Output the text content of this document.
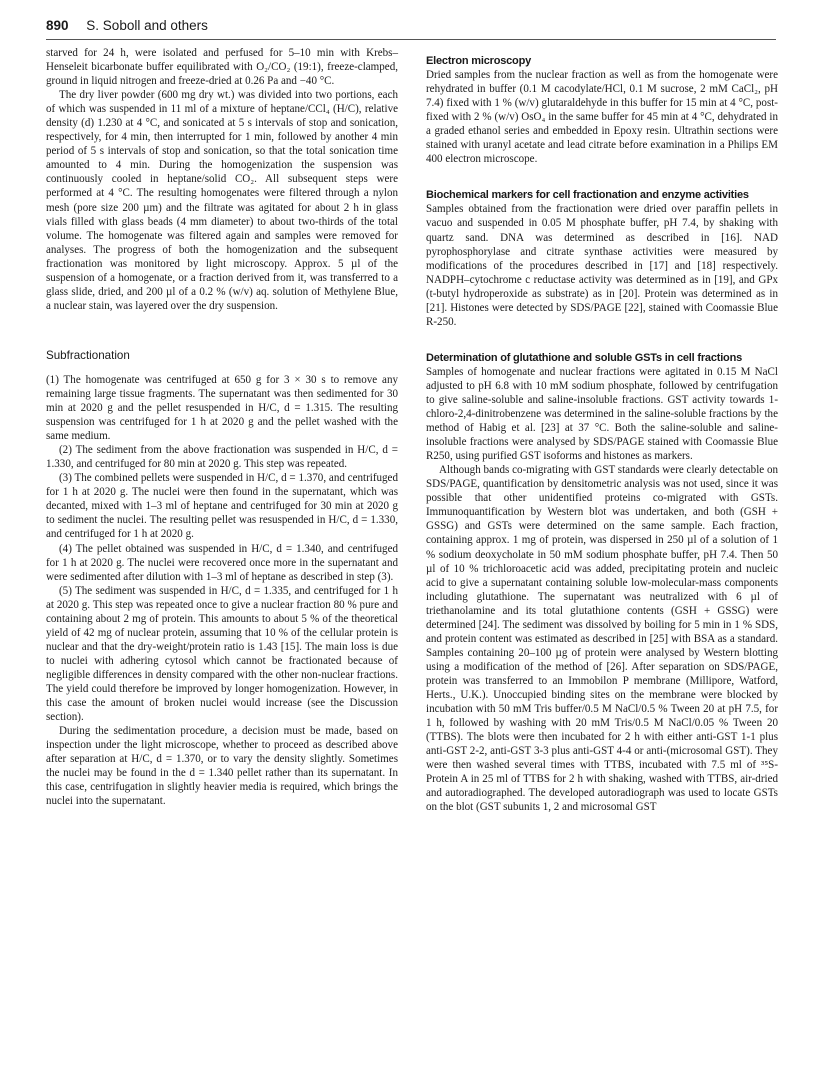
890 S. Soboll and others

starved for 24 h, were isolated and perfused for 5–10 min with Krebs–Henseleit bicarbonate buffer equilibrated with O₂/CO₂ (19:1), freeze-clamped, ground in liquid nitrogen and freeze-dried at 0.26 Pa and −40 °C.

The dry liver powder (600 mg dry wt.) was divided into two portions, each of which was suspended in 11 ml of a mixture of heptane/CCl₄ (H/C), relative density (d) 1.230 at 4 °C, and sonicated at 5 s intervals of stop and sonication, respectively, for 4 min, then interrupted for 1 min, followed by another 4 min period of 5 s intervals of stop and sonication, so that the total sonication time amounted to 4 min. During the homogenization the suspension was continuously cooled in heptane/solid CO₂. All subsequent steps were performed at 4 °C. The resulting homogenates were filtered through a nylon mesh (pore size 200 µm) and the filtrate was agitated for about 2 h in glass vials filled with glass beads (4 mm diameter) to about two-thirds of the total volume. The homogenate was filtered again and samples were removed for analyses. The progress of both the homogenization and the subsequent fractionation was monitored by light microscopy. Approx. 5 µl of the suspension of a homogenate, or a fraction derived from it, was transferred to a glass slide, dried, and 200 µl of a 0.2 % (w/v) aq. solution of Methylene Blue, a nuclear stain, was layered over the dry suspension.

Subfractionation

(1) The homogenate was centrifuged at 650 g for 3 × 30 s to remove any remaining large tissue fragments. The supernatant was then sedimented for 30 min at 2020 g and the pellet resuspended in H/C, d = 1.315. The resulting suspension was centrifuged for 1 h at 2020 g and the pellet washed with the same medium.

(2) The sediment from the above fractionation was suspended in H/C, d = 1.330, and centrifuged for 80 min at 2020 g. This step was repeated.

(3) The combined pellets were suspended in H/C, d = 1.370, and centrifuged for 1 h at 2020 g. The nuclei were then found in the supernatant, which was decanted, mixed with 1–3 ml of heptane and centrifuged for 30 min at 2020 g to sediment the nuclei. The resulting pellet was resuspended in H/C, d = 1.330, and centrifuged for 1 h at 2020 g.

(4) The pellet obtained was suspended in H/C, d = 1.340, and centrifuged for 1 h at 2020 g. The nuclei were recovered once more in the supernatant and were sedimented after dilution with 1–3 ml of heptane as described in step (3).

(5) The sediment was suspended in H/C, d = 1.335, and centrifuged for 1 h at 2020 g. This step was repeated once to give a nuclear fraction 80 % pure and containing about 2 mg of protein. This amounts to about 5 % of the theoretical yield of 42 mg of nuclear protein, assuming that 10 % of the cellular protein is nuclear and that the dry-weight/protein ratio is 1.43 [15]. The main loss is due to nuclei with adhering cytosol which cannot be fractionated because of negligible differences in density compared with the other non-nuclear fractions. The yield could therefore be improved by longer homogenization. However, in this case the amount of broken nuclei would increase (see the Discussion section).

During the sedimentation procedure, a decision must be made, based on inspection under the light microscope, whether to proceed as described above after separation at H/C, d = 1.370, or to vary the density slightly. Sometimes the nuclei may be found in the d = 1.340 pellet rather than its supernatant. In this case, centrifugation in slightly heavier media is required, which brings the nuclei into the supernatant.

Electron microscopy

Dried samples from the nuclear fraction as well as from the homogenate were rehydrated in buffer (0.1 M cacodylate/HCl, 0.1 M sucrose, 2 mM CaCl₂, pH 7.4) fixed with 1 % (w/v) glutaraldehyde in this buffer for 15 min at 4 °C, post-fixed with 2 % (w/v) OsO₄ in the same buffer for 45 min at 4 °C, dehydrated in a graded ethanol series and embedded in Epoxy resin. Ultrathin sections were stained with uranyl acetate and lead citrate before examination in a Philips EM 400 electron microscope.

Biochemical markers for cell fractionation and enzyme activities

Samples obtained from the fractionation were dried over paraffin pellets in vacuo and suspended in 0.05 M phosphate buffer, pH 7.4, by shaking with quartz sand. DNA was determined as described in [16]. NAD pyrophosphorylase and citrate synthase activities were measured by modifications of the procedures described in [17] and [18] respectively. NADPH–cytochrome c reductase activity was determined as in [19], and GPx (t-butyl hydroperoxide as substrate) as in [20]. Protein was determined as in [21]. Histones were detected by SDS/PAGE [22], stained with Coomassie Blue R-250.

Determination of glutathione and soluble GSTs in cell fractions

Samples of homogenate and nuclear fractions were agitated in 0.15 M NaCl adjusted to pH 6.8 with 10 mM sodium phosphate, followed by centrifugation to give saline-soluble and saline-insoluble fractions. GST activity towards 1-chloro-2,4-dinitrobenzene was determined in the saline-soluble fractions by the method of Habig et al. [23] at 37 °C. Both the saline-soluble and saline-insoluble fractions were analysed by SDS/PAGE stained with Coomassie Blue R250, using purified GST isoforms and histones as markers.

Although bands co-migrating with GST standards were clearly detectable on SDS/PAGE, quantification by densitometric analysis was not used, since it was possible that other unidentified proteins co-migrated with GSTs. Immunoquantification by Western blot was undertaken, and both (GSH + GSSG) and GSTs were determined on the same sample. Each fraction, containing approx. 1 mg of protein, was dispersed in 250 µl of a solution of 1 % sodium deoxycholate in 50 mM sodium phosphate buffer, pH 7.4. Then 50 µl of 10 % trichloroacetic acid was added, precipitating protein and nucleic acid to give a supernatant containing soluble low-molecular-mass components including glutathione. The supernatant was neutralized with 6 µl of triethanolamine and its total glutathione contents (GSH + GSSG) were determined [24]. The sediment was dissolved by boiling for 5 min in 1 % SDS, and protein content was estimated as described in [25] with BSA as a standard. Samples containing 20–100 µg of protein were analysed by Western blotting using a modification of the method of [26]. After separation on SDS/PAGE, protein was transferred to an Immobilon P membrane (Millipore, Watford, Herts., U.K.). Unoccupied binding sites on the membrane were blocked by incubation with 50 mM Tris buffer/0.5 M NaCl/0.5 % Tween 20 at pH 7.5, for 1 h, followed by washing with 20 mM Tris/0.5 M NaCl/0.05 % Tween 20 (TTBS). The blots were then incubated for 2 h with either anti-GST 1-1 plus anti-GST 2-2, anti-GST 3-3 plus anti-GST 4-4 or anti-(microsomal GST). They were then washed several times with TTBS, incubated with 7.5 ml of ³⁵S-Protein A in 25 ml of TTBS for 2 h with shaking, washed with TTBS, air-dried and autoradiographed. The developed autoradiograph was used to locate GSTs on the blot (GST subunits 1, 2 and microsomal GST
